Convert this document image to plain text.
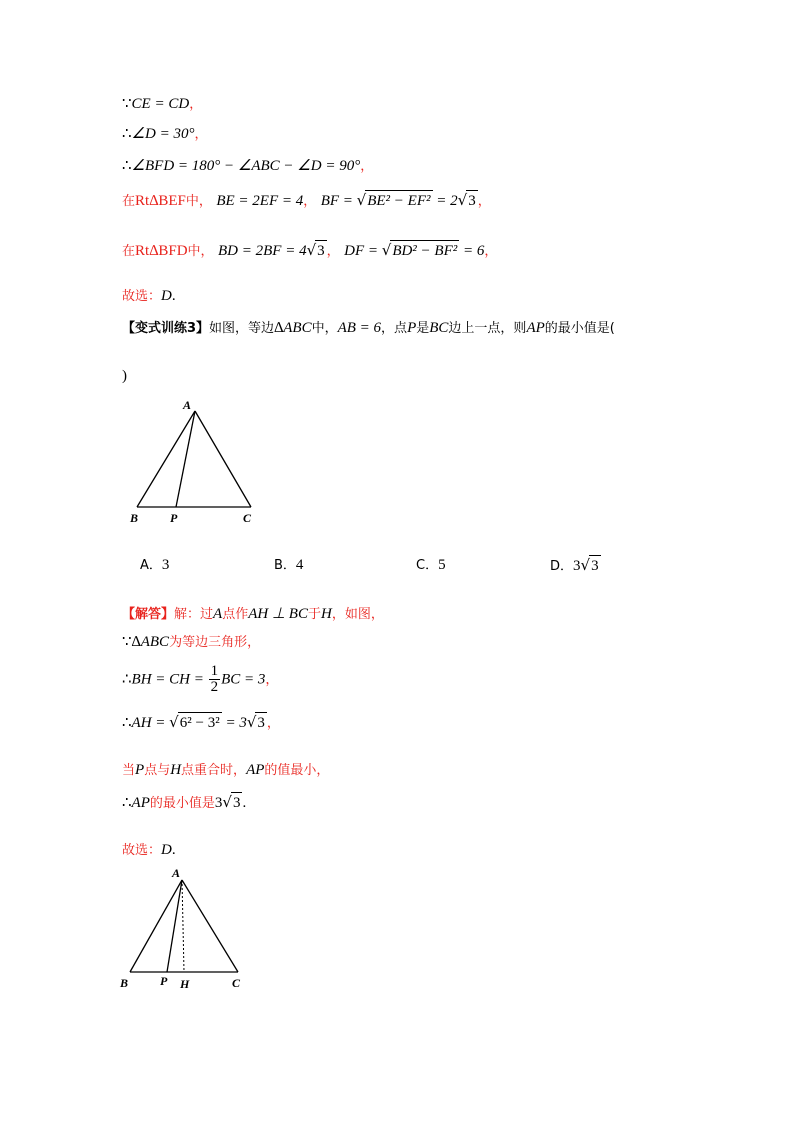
∵CE = CD，
∴∠D = 30°，
∴∠BFD = 180° − ∠ABC − ∠D = 90°，
在Rt∆BEF中， BE = 2EF = 4， BF = √BE² − EF² = 2√3 ，
在Rt∆BFD中， BD = 2BF = 4√3 ， DF = √BD² − BF² = 6，
故选：D.
【变式训练3】如图，等边∆ABC中，AB = 6，点P是BC边上一点，则AP的最小值是(
)
A
B	P	C
A．3	B．4	C．5	D．3√3
【解答】解：过A点作AH ⊥ BC于H，如图，
∵∆ABC为等边三角形，
∴BH = CH = $\frac{1}{2}$ BC = 3，
∴AH = √6² − 3² = 3√3 ，
当P点与H点重合时，AP的值最小，
∴AP的最小值是3√3 .
故选：D.
A
B	P H	C
